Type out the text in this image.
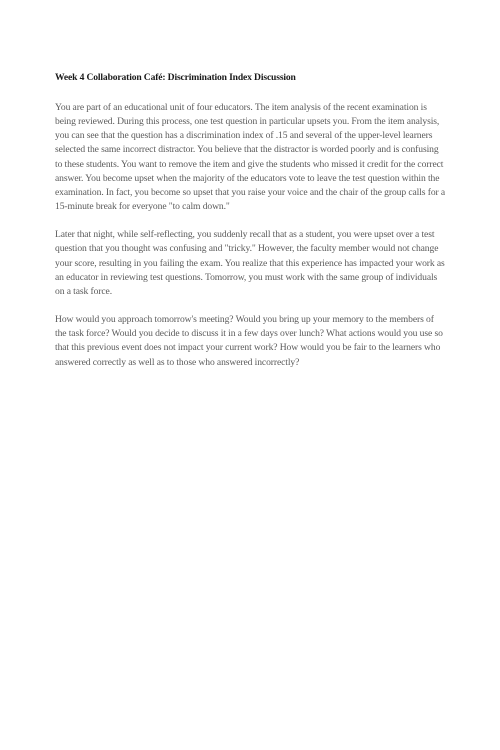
Week 4 Collaboration Café: Discrimination Index Discussion

You are part of an educational unit of four educators. The item analysis of the recent examination is being reviewed. During this process, one test question in particular upsets you. From the item analysis, you can see that the question has a discrimination index of .15 and several of the upper-level learners selected the same incorrect distractor. You believe that the distractor is worded poorly and is confusing to these students. You want to remove the item and give the students who missed it credit for the correct answer. You become upset when the majority of the educators vote to leave the test question within the examination. In fact, you become so upset that you raise your voice and the chair of the group calls for a 15-minute break for everyone "to calm down."

Later that night, while self-reflecting, you suddenly recall that as a student, you were upset over a test question that you thought was confusing and "tricky." However, the faculty member would not change your score, resulting in you failing the exam. You realize that this experience has impacted your work as an educator in reviewing test questions. Tomorrow, you must work with the same group of individuals on a task force.

How would you approach tomorrow's meeting? Would you bring up your memory to the members of the task force? Would you decide to discuss it in a few days over lunch? What actions would you use so that this previous event does not impact your current work? How would you be fair to the learners who answered correctly as well as to those who answered incorrectly?
